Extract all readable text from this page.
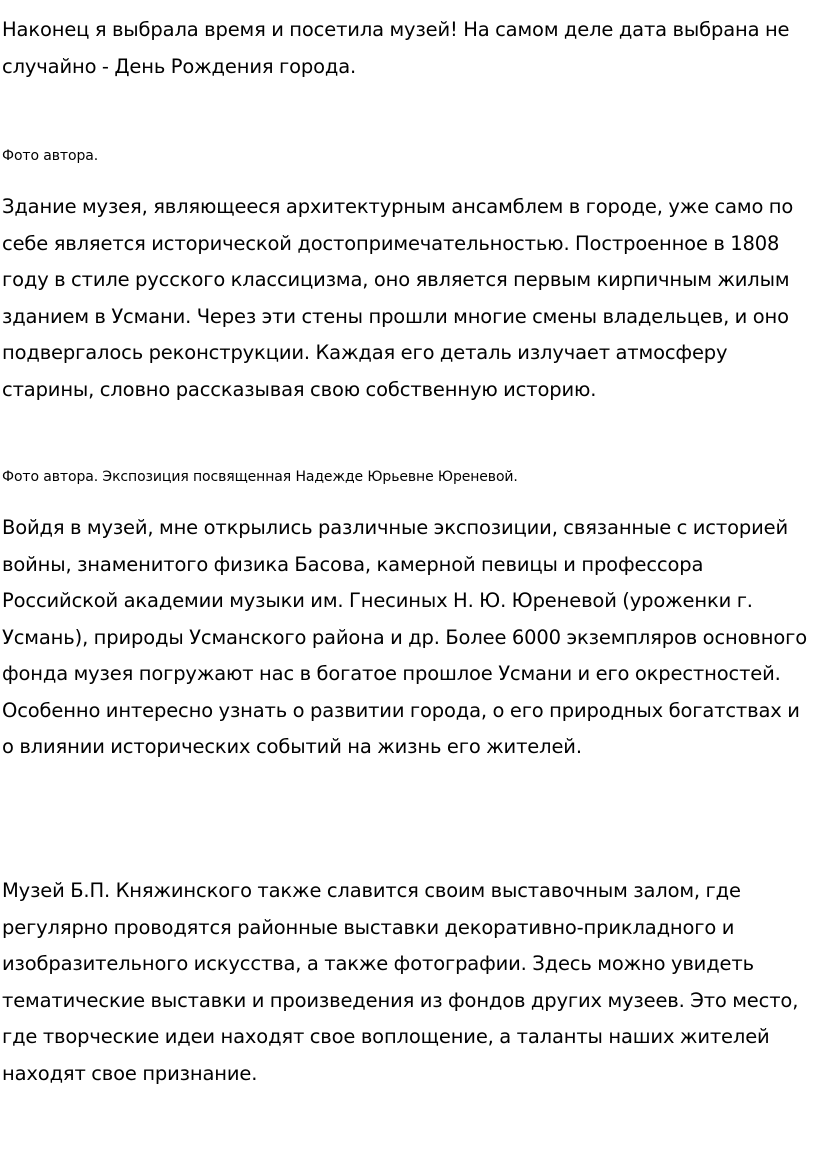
Наконец я выбрала время и посетила музей! На самом деле дата выбрана не случайно - День Рождения города.

Фото автора.

Здание музея, являющееся архитектурным ансамблем в городе, уже само по себе является исторической достопримечательностью. Построенное в 1808 году в стиле русского классицизма, оно является первым кирпичным жилым зданием в Усмани. Через эти стены прошли многие смены владельцев, и оно подвергалось реконструкции. Каждая его деталь излучает атмосферу старины, словно рассказывая свою собственную историю.

Фото автора. Экспозиция посвященная Надежде Юрьевне Юреневой.

Войдя в музей, мне открылись различные экспозиции, связанные с историей войны, знаменитого физика Басова, камерной певицы и профессора Российской академии музыки им. Гнесиных Н. Ю. Юреневой (уроженки г. Усмань), природы Усманского района и др. Более 6000 экземпляров основного фонда музея погружают нас в богатое прошлое Усмани и его окрестностей. Особенно интересно узнать о развитии города, о его природных богатствах и о влиянии исторических событий на жизнь его жителей.

Музей Б.П. Княжинского также славится своим выставочным залом, где регулярно проводятся районные выставки декоративно-прикладного и изобразительного искусства, а также фотографии. Здесь можно увидеть тематические выставки и произведения из фондов других музеев. Это место, где творческие идеи находят свое воплощение, а таланты наших жителей находят свое признание.
